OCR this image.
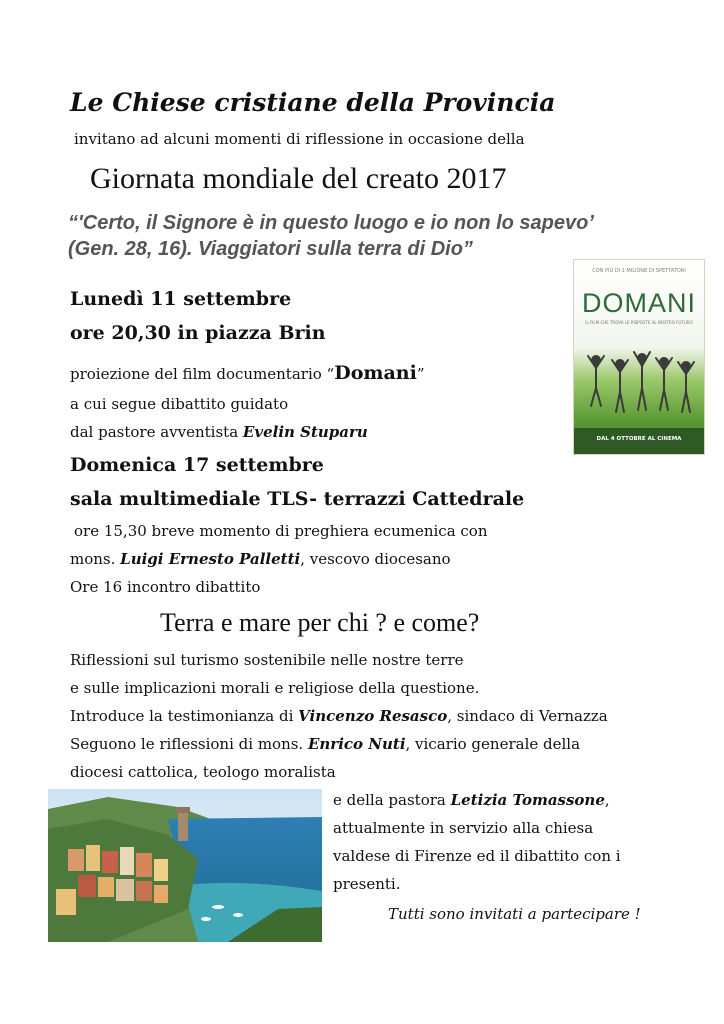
Le Chiese cristiane della Provincia
invitano ad alcuni momenti di riflessione in occasione della
Giornata mondiale del creato 2017
“'Certo, il Signore è in questo luogo e io non lo sapevo’
(Gen. 28, 16). Viaggiatori sulla terra di Dio”
CON PIÙ DI 1 MILIONE DI SPETTATORI
DOMANI
IL FILM CHE TROVA LE RISPOSTE AL NOSTRO FUTURO
DAL 4 OTTOBRE AL CINEMA
Lunedì 11 settembre
ore 20,30 in piazza Brin
proiezione del film documentario “Domani”
a cui segue dibattito guidato
dal pastore avventista Evelin Stuparu
Domenica 17 settembre
sala multimediale TLS- terrazzi Cattedrale
ore 15,30 breve momento di preghiera ecumenica con
mons. Luigi Ernesto Palletti, vescovo diocesano
Ore 16 incontro dibattito
Terra e mare per chi ? e come?
Riflessioni sul turismo sostenibile nelle nostre terre
e sulle implicazioni morali e religiose della questione.
Introduce la testimonianza di Vincenzo Resasco, sindaco di Vernazza
Seguono le riflessioni di mons. Enrico Nuti, vicario generale della
diocesi cattolica, teologo moralista
e della pastora Letizia Tomassone,
attualmente in servizio alla chiesa
valdese di Firenze ed il dibattito con i
presenti.
Tutti sono invitati a partecipare !
